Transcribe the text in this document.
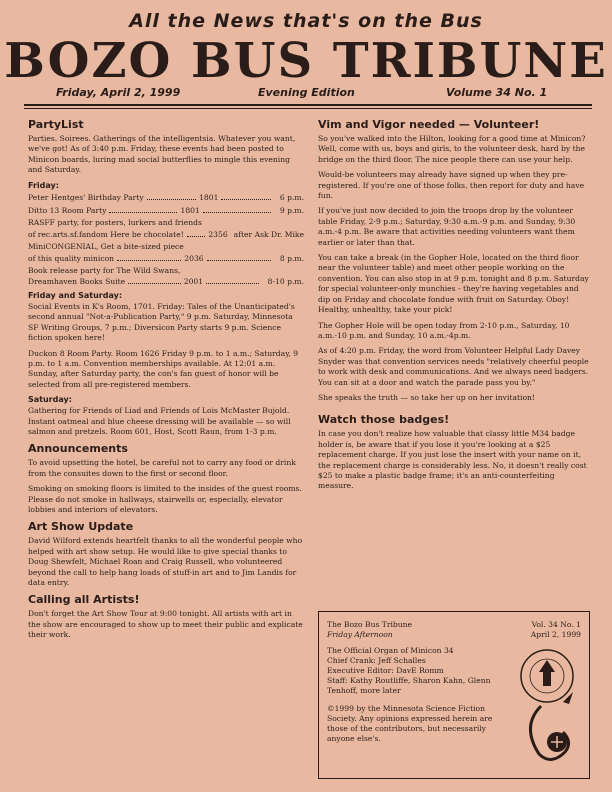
All the News that's on the Bus
BOZO BUS TRIBUNE
Friday, April 2, 1999	Evening Edition	Volume 34 No. 1
PartyList

Parties. Soirees. Gatherings of the intelligentsia. Whatever you want, we've got! As of 3:40 p.m. Friday, these events had been posted to Minicon boards, luring mad social butterflies to mingle this evening and Saturday.

Friday:
Peter Hentges' Birthday Party	1801	6 p.m.
Ditto 13 Room Party	1801	9 p.m.
RASFF party, for posters, lurkers and friends
of rec.arts.sf.fandom Here be chocolate!	2356 after Ask Dr. Mike
MiniCONGENIAL, Get a bite-sized piece
of this quality minicon	2036	8 p.m.
Book release party for The Wild Swans,
Dreamhaven Books Suite	2001	8-10 p.m.
Friday and Saturday:

Social Events in K's Room, 1701. Friday: Tales of the Unanticipated's second annual "Not-a-Publication Party," 9 p.m. Saturday, Minnesota SF Writing Groups, 7 p.m.; Diversicon Party starts 9 p.m. Science fiction spoken here!

Duckon 8 Room Party. Room 1626 Friday 9 p.m. to 1 a.m.; Saturday, 9 p.m. to 1 a.m. Convention memberships available. At 12:01 a.m. Sunday, after Saturday party, the con's fan guest of honor will be selected from all pre-registered members.

Saturday:

Gathering for Friends of Liad and Friends of Lois McMaster Bujold. Instant oatmeal and blue cheese dressing will be available — so will salmon and pretzels. Room 601, Host, Scott Raun, from 1-3 p.m.

Announcements

To avoid upsetting the hotel, be careful not to carry any food or drink from the consuites down to the first or second floor.

Smoking on smoking floors is limited to the insides of the guest rooms. Please do not smoke in hallways, stairwells or, especially, elevator lobbies and interiors of elevators.

Art Show Update

David Wilford extends heartfelt thanks to all the wonderful people who helped with art show setup. He would like to give special thanks to Doug Shewfelt, Michael Roan and Craig Russell, who volunteered beyond the call to help hang loads of stuff-in art and to Jim Landis for data entry.

Calling all Artists!

Don't forget the Art Show Tour at 9:00 tonight. All artists with art in the show are encouraged to show up to meet their public and explicate their work.

Vim and Vigor needed — Volunteer!

So you've walked into the Hilton, looking for a good time at Minicon? Well, come with us, boys and girls, to the volunteer desk, hard by the bridge on the third floor. The nice people there can use your help.

Would-be volunteers may already have signed up when they pre-registered. If you're one of those folks, then report for duty and have fun.

If you've just now decided to join the troops drop by the volunteer table Friday, 2-9 p.m.; Saturday, 9:30 a.m.-9 p.m. and Sunday, 9:30 a.m.-4 p.m. Be aware that activities needing volunteers want them earlier or later than that.

You can take a break (in the Gopher Hole, located on the third floor near the volunteer table) and meet other people working on the convention. You can also stop in at 9 p.m. tonight and 8 p.m. Saturday for special volunteer-only munchies - they're having vegetables and dip on Friday and chocolate fondue with fruit on Saturday. Oboy! Healthy, unhealthy, take your pick!

The Gopher Hole will be open today from 2-10 p.m., Saturday, 10 a.m.-10 p.m. and Sunday, 10 a.m.-4p.m.

As of 4:20 p.m. Friday, the word from Volunteer Helpful Lady Davey Snyder was that convention services needs "relatively cheerful people to work with desk and communications. And we always need badgers. You can sit at a door and watch the parade pass you by."

She speaks the truth — so take her up on her invitation!

Watch those badges!

In case you don't realize how valuable that classy little M34 badge holder is, be aware that if you lose it you're looking at a $25 replacement charge. If you just lose the insert with your name on it, the replacement charge is considerably less. No, it doesn't really cost $25 to make a plastic badge frame; it's an anti-counterfeiting measure.

The Bozo Bus Tribune	Vol. 34 No. 1
Friday Afternoon	April 2, 1999
The Official Organ of Minicon 34
Chief Crank: Jeff Schalles
Executive Editor: DavE Romm
Staff: Kathy Routliffe, Sharon Kahn, Glenn Tenhoff, more later
©1999 by the Minnesota Science Fiction Society. Any opinions expressed herein are those of the contributors, but necessarily anyone else's.
